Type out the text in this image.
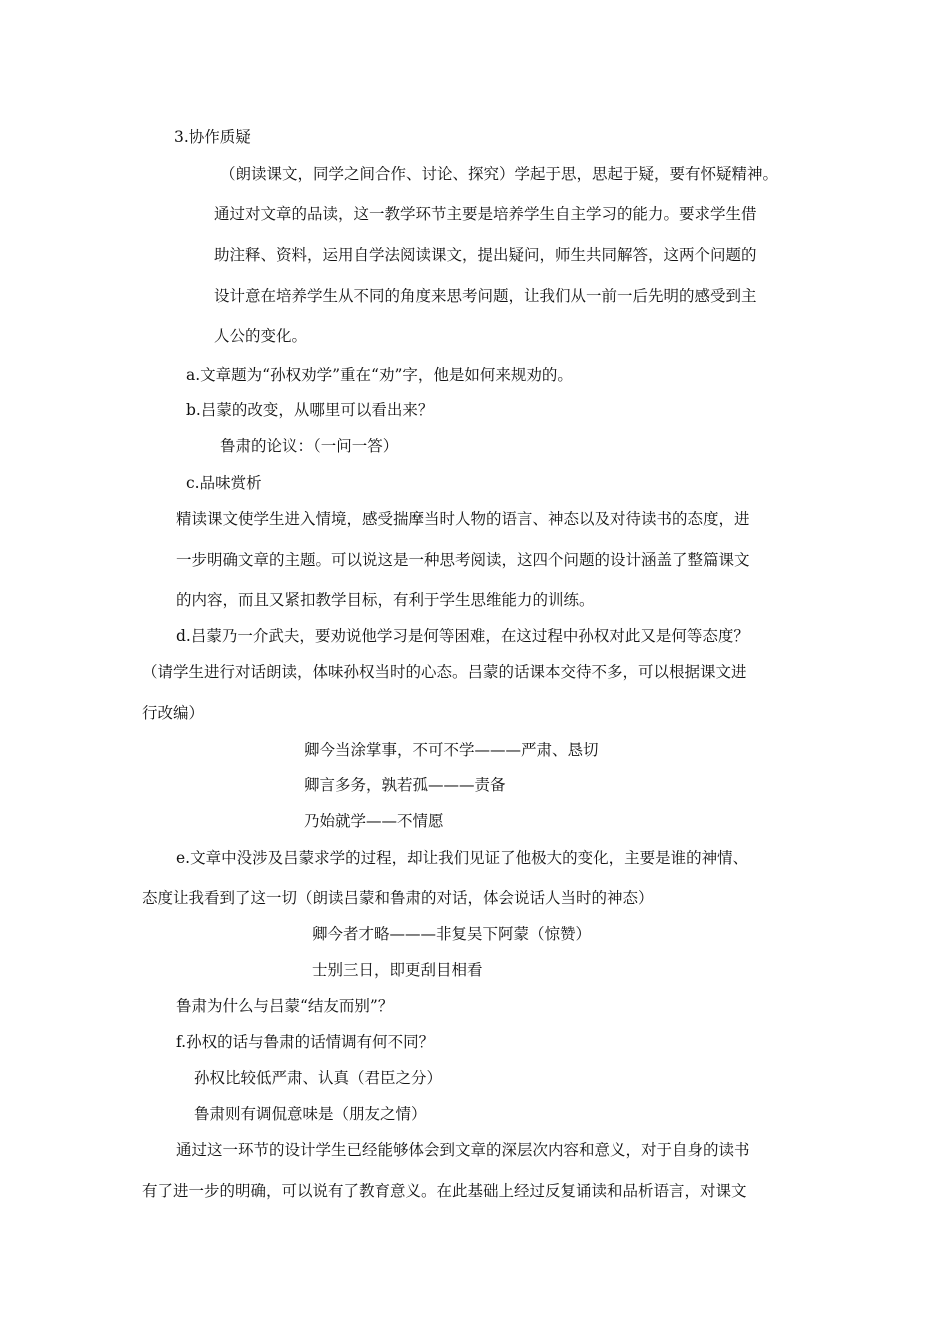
3.协作质疑
（朗读课文，同学之间合作、讨论、探究）学起于思，思起于疑，要有怀疑精神。
通过对文章的品读，这一教学环节主要是培养学生自主学习的能力。要求学生借
助注释、资料，运用自学法阅读课文，提出疑问，师生共同解答，这两个问题的
设计意在培养学生从不同的角度来思考问题，让我们从一前一后先明的感受到主
人公的变化。
a.文章题为“孙权劝学”重在“劝”字，他是如何来规劝的。
b.吕蒙的改变，从哪里可以看出来？
鲁肃的论议：（一问一答）
c.品味赏析
精读课文使学生进入情境，感受揣摩当时人物的语言、神态以及对待读书的态度，进
一步明确文章的主题。可以说这是一种思考阅读，这四个问题的设计涵盖了整篇课文
的内容，而且又紧扣教学目标，有利于学生思维能力的训练。
d.吕蒙乃一介武夫，要劝说他学习是何等困难，在这过程中孙权对此又是何等态度？
（请学生进行对话朗读，体味孙权当时的心态。吕蒙的话课本交待不多，可以根据课文进
行改编）
卿今当涂掌事，不可不学———严肃、恳切
卿言多务，孰若孤———责备
乃始就学——不情愿
e.文章中没涉及吕蒙求学的过程，却让我们见证了他极大的变化，主要是谁的神情、
态度让我看到了这一切（朗读吕蒙和鲁肃的对话，体会说话人当时的神态）
卿今者才略———非复吴下阿蒙（惊赞）
士别三日，即更刮目相看
鲁肃为什么与吕蒙“结友而别”？
f.孙权的话与鲁肃的话情调有何不同？
孙权比较低严肃、认真（君臣之分）
鲁肃则有调侃意味是（朋友之情）
通过这一环节的设计学生已经能够体会到文章的深层次内容和意义，对于自身的读书
有了进一步的明确，可以说有了教育意义。在此基础上经过反复诵读和品析语言，对课文
